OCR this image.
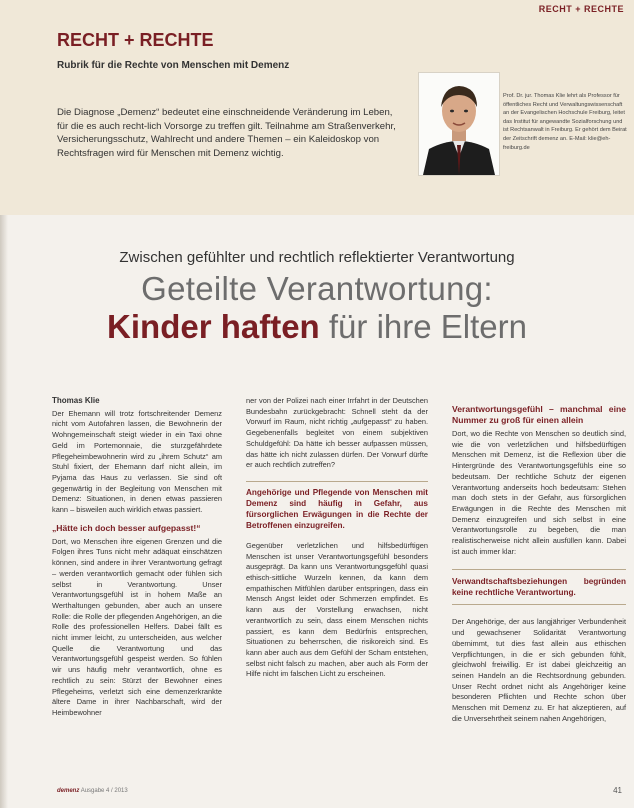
RECHT + RECHTE
RECHT + RECHTE
Rubrik für die Rechte von Menschen mit Demenz
Die Diagnose „Demenz“ bedeutet eine einschneidende Veränderung im Leben, für die es auch recht-lich Vorsorge zu treffen gilt. Teilnahme am Straßenverkehr, Versicherungsschutz, Wahlrecht und andere Themen – ein Kaleidoskop von Rechtsfragen wird für Menschen mit Demenz wichtig.
Prof. Dr. jur. Thomas Klie lehrt als Professor für öffentliches Recht und Verwaltungswissenschaft an der Evangelischen Hochschule Freiburg, leitet das Institut für angewandte Sozialforschung und ist Rechtsanwalt in Freiburg. Er gehört dem Beirat der Zeitschrift demenz an. E-Mail: klie@eh-freiburg.de
Zwischen gefühlter und rechtlich reflektierter Verantwortung
Geteilte Verantwortung:
Kinder haften für ihre Eltern
Thomas Klie

Der Ehemann will trotz fortschreitender Demenz nicht vom Autofahren lassen, die Bewohnerin der Wohngemeinschaft steigt wieder in ein Taxi ohne Geld im Portemonnaie, die sturzgefährdete Pflegeheimbewohnerin wird zu „ihrem Schutz“ am Stuhl fixiert, der Ehemann darf nicht allein, im Pyjama das Haus zu verlassen. Sie sind oft gegenwärtig in der Begleitung von Menschen mit Demenz: Situationen, in denen etwas passieren kann – bisweilen auch wirklich etwas passiert.

„Hätte ich doch besser aufgepasst!“

Dort, wo Menschen ihre eigenen Grenzen und die Folgen ihres Tuns nicht mehr adäquat einschätzen können, sind andere in ihrer Verantwortung gefragt – werden verantwortlich gemacht oder fühlen sich selbst in Verantwortung. Unser Verantwortungsgefühl ist in hohem Maße an Werthaltungen gebunden, aber auch an unsere Rolle: die Rolle der pflegenden Angehörigen, an die Rolle des professionellen Helfers. Dabei fällt es nicht immer leicht, zu unterscheiden, aus welcher Quelle die Verantwortung und das Verantwortungsgefühl gespeist werden. So fühlen wir uns häufig mehr verantwortlich, ohne es rechtlich zu sein: Stürzt der Bewohner eines Pflegeheims, verletzt sich eine demenzerkrankte ältere Dame in ihrer Nachbarschaft, wird der Heimbewohner

ner von der Polizei nach einer Irrfahrt in der Deutschen Bundesbahn zurückgebracht: Schnell steht da der Vorwurf im Raum, nicht richtig „aufgepasst“ zu haben. Gegebenenfalls begleitet von einem subjektiven Schuldgefühl: Da hätte ich besser aufpassen müssen, das hätte ich nicht zulassen dürfen. Der Vorwurf dürfte er auch rechtlich zutreffen?

Angehörige und Pflegende von Menschen mit Demenz sind häufig in Gefahr, aus fürsorglichen Erwägungen in die Rechte der Betroffenen einzugreifen.

Gegenüber verletzlichen und hilfsbedürftigen Menschen ist unser Verantwortungsgefühl besonders ausgeprägt. Da kann uns Verantwortungsgefühl quasi ethisch-sittliche Wurzeln kennen, da kann dem empathischen Mitfühlen darüber entspringen, dass ein Mensch Angst leidet oder Schmerzen empfindet. Es kann aus der Vorstellung erwachsen, nicht verantwortlich zu sein, dass einem Menschen nichts passiert, es kann dem Bedürfnis entsprechen, Situationen zu beherrschen, die risikoreich sind. Es kann aber auch aus dem Gefühl der Scham entstehen, selbst nicht falsch zu machen, aber auch als Form der Hilfe nicht im falschen Licht zu erscheinen.

Verantwortungsgefühl – manchmal eine Nummer zu groß für einen allein

Dort, wo die Rechte von Menschen so deutlich sind, wie die von verletzlichen und hilfsbedürftigen Menschen mit Demenz, ist die Reflexion über die Hintergründe des Verantwortungsgefühls eine so bedeutsam. Der rechtliche Schutz der eigenen Verantwortung anderseits hoch bedeutsam: Stehen man doch stets in der Gefahr, aus fürsorglichen Erwägungen in die Rechte des Menschen mit Demenz einzugreifen und sich selbst in eine Verantwortungsrolle zu begeben, die man realistischerweise nicht allein ausfüllen kann. Dabei ist auch immer klar:

Verwandtschaftsbeziehungen begründen keine rechtliche Verantwortung.

Der Angehörige, der aus langjähriger Verbundenheit und gewachsener Solidarität Verantwortung übernimmt, tut dies fast allein aus ethischen Verpflichtungen, in die er sich gebunden fühlt, gleichwohl freiwillig. Er ist dabei gleichzeitig an seinen Handeln an die Rechtsordnung gebunden. Unser Recht ordnet nicht als Angehöriger keine besonderen Pflichten und Rechte schon über Menschen mit Demenz zu. Er hat akzeptieren, auf die Unversehrtheit seinem nahen Angehörigen,

demenz Ausgabe 4 / 2013	41
